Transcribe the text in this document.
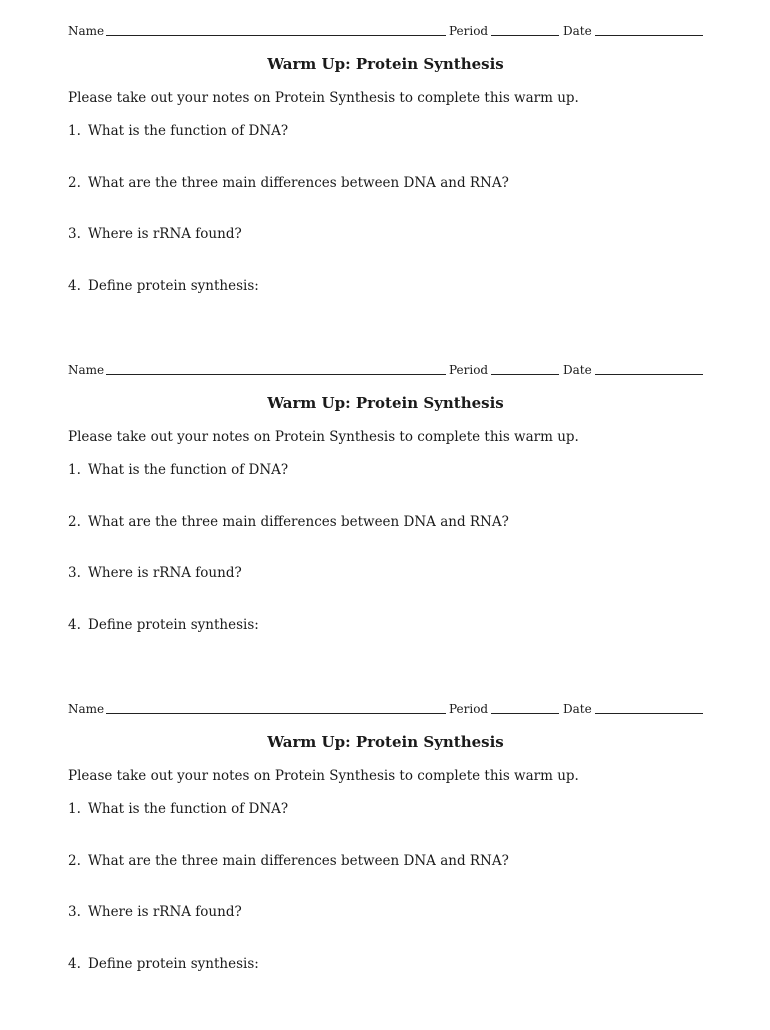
Name	Period	Date
Warm Up: Protein Synthesis
Please take out your notes on Protein Synthesis to complete this warm up.
1. What is the function of DNA?
2. What are the three main differences between DNA and RNA?
3. Where is rRNA found?
4. Define protein synthesis:
Name	Period	Date
Warm Up: Protein Synthesis
Please take out your notes on Protein Synthesis to complete this warm up.
1. What is the function of DNA?
2. What are the three main differences between DNA and RNA?
3. Where is rRNA found?
4. Define protein synthesis:
Name	Period	Date
Warm Up: Protein Synthesis
Please take out your notes on Protein Synthesis to complete this warm up.
1. What is the function of DNA?
2. What are the three main differences between DNA and RNA?
3. Where is rRNA found?
4. Define protein synthesis:
